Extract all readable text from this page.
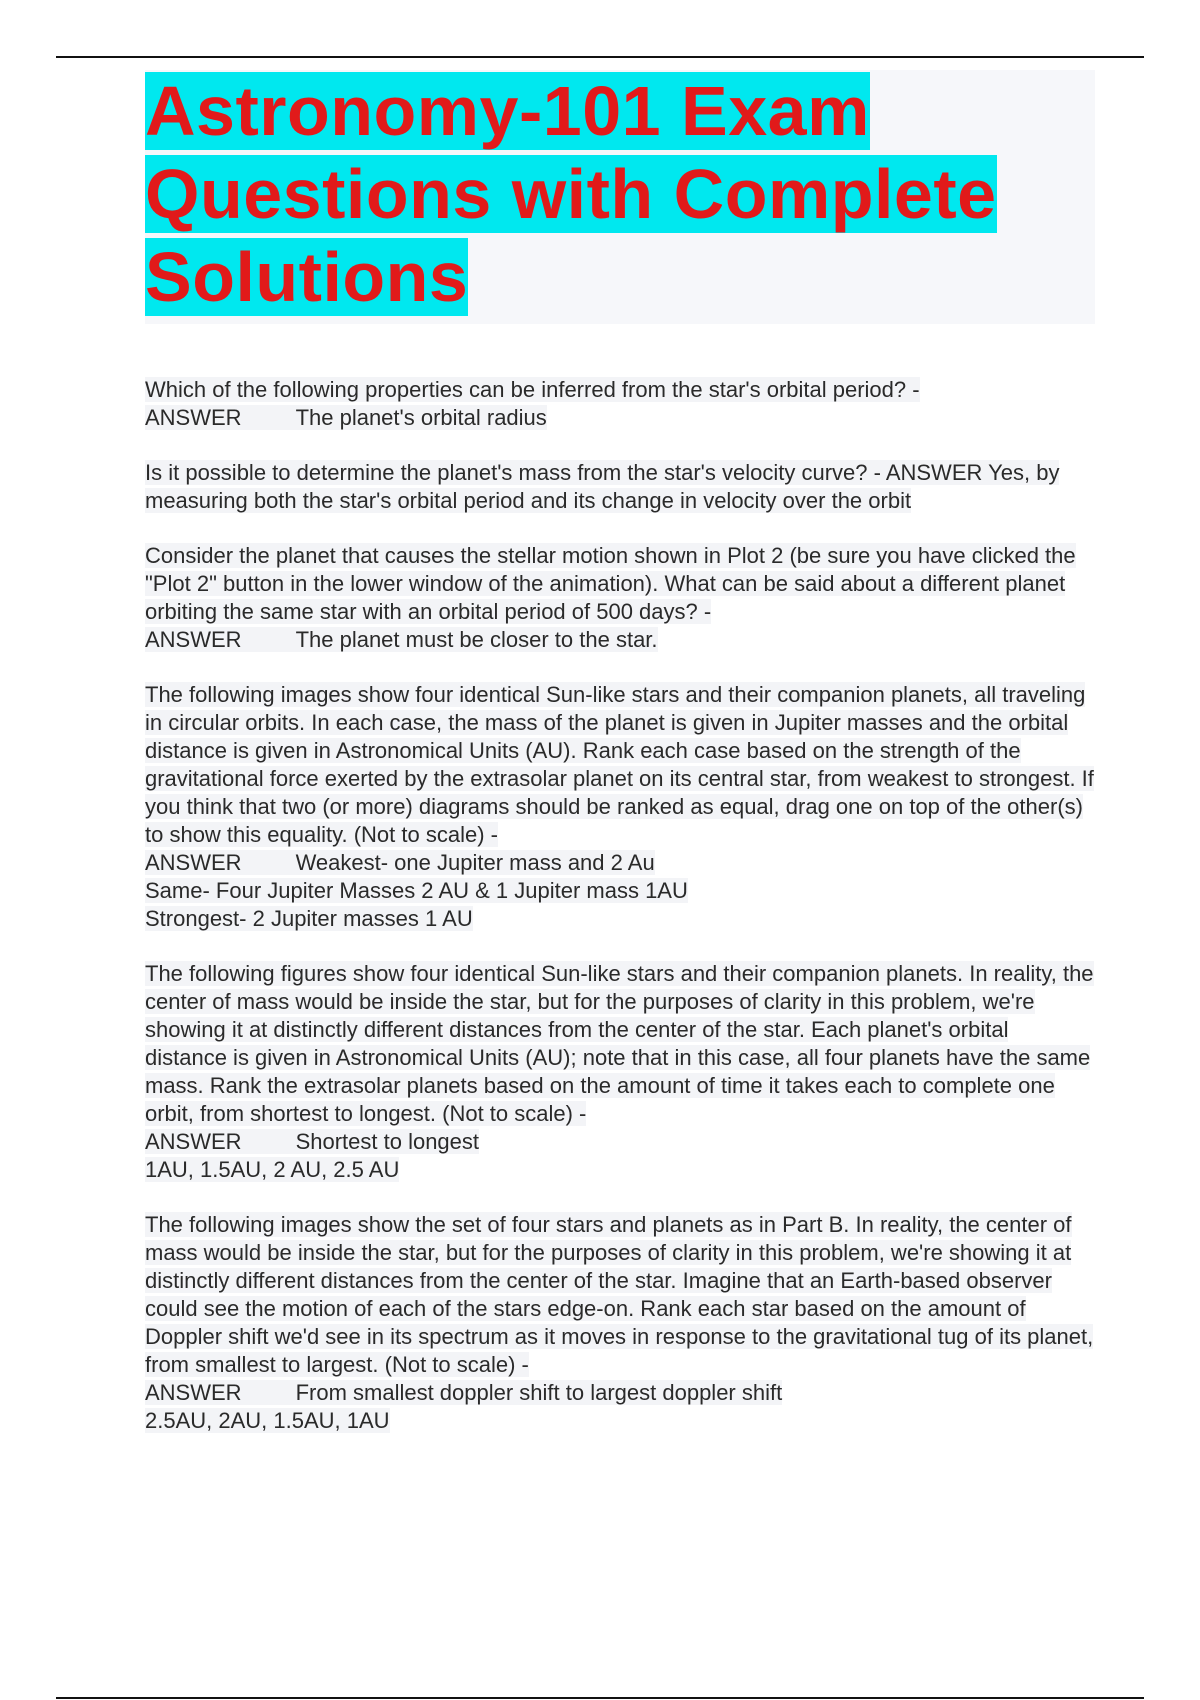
Astronomy-101 Exam Questions with Complete Solutions

Which of the following properties can be inferred from the star's orbital period? -
ANSWER The planet's orbital radius

Is it possible to determine the planet's mass from the star's velocity curve? - ANSWER Yes, by measuring both the star's orbital period and its change in velocity over the orbit

Consider the planet that causes the stellar motion shown in Plot 2 (be sure you have clicked the "Plot 2" button in the lower window of the animation). What can be said about a different planet orbiting the same star with an orbital period of 500 days? -
ANSWER The planet must be closer to the star.

The following images show four identical Sun-like stars and their companion planets, all traveling in circular orbits. In each case, the mass of the planet is given in Jupiter masses and the orbital distance is given in Astronomical Units (AU). Rank each case based on the strength of the gravitational force exerted by the extrasolar planet on its central star, from weakest to strongest. If you think that two (or more) diagrams should be ranked as equal, drag one on top of the other(s) to show this equality. (Not to scale) -
ANSWER Weakest- one Jupiter mass and 2 Au
Same- Four Jupiter Masses 2 AU & 1 Jupiter mass 1AU
Strongest- 2 Jupiter masses 1 AU

The following figures show four identical Sun-like stars and their companion planets. In reality, the center of mass would be inside the star, but for the purposes of clarity in this problem, we're showing it at distinctly different distances from the center of the star. Each planet's orbital distance is given in Astronomical Units (AU); note that in this case, all four planets have the same mass. Rank the extrasolar planets based on the amount of time it takes each to complete one orbit, from shortest to longest. (Not to scale) -
ANSWER Shortest to longest
1AU, 1.5AU, 2 AU, 2.5 AU

The following images show the set of four stars and planets as in Part B. In reality, the center of mass would be inside the star, but for the purposes of clarity in this problem, we're showing it at distinctly different distances from the center of the star. Imagine that an Earth-based observer could see the motion of each of the stars edge-on. Rank each star based on the amount of Doppler shift we'd see in its spectrum as it moves in response to the gravitational tug of its planet, from smallest to largest. (Not to scale) -
ANSWER From smallest doppler shift to largest doppler shift
2.5AU, 2AU, 1.5AU, 1AU
